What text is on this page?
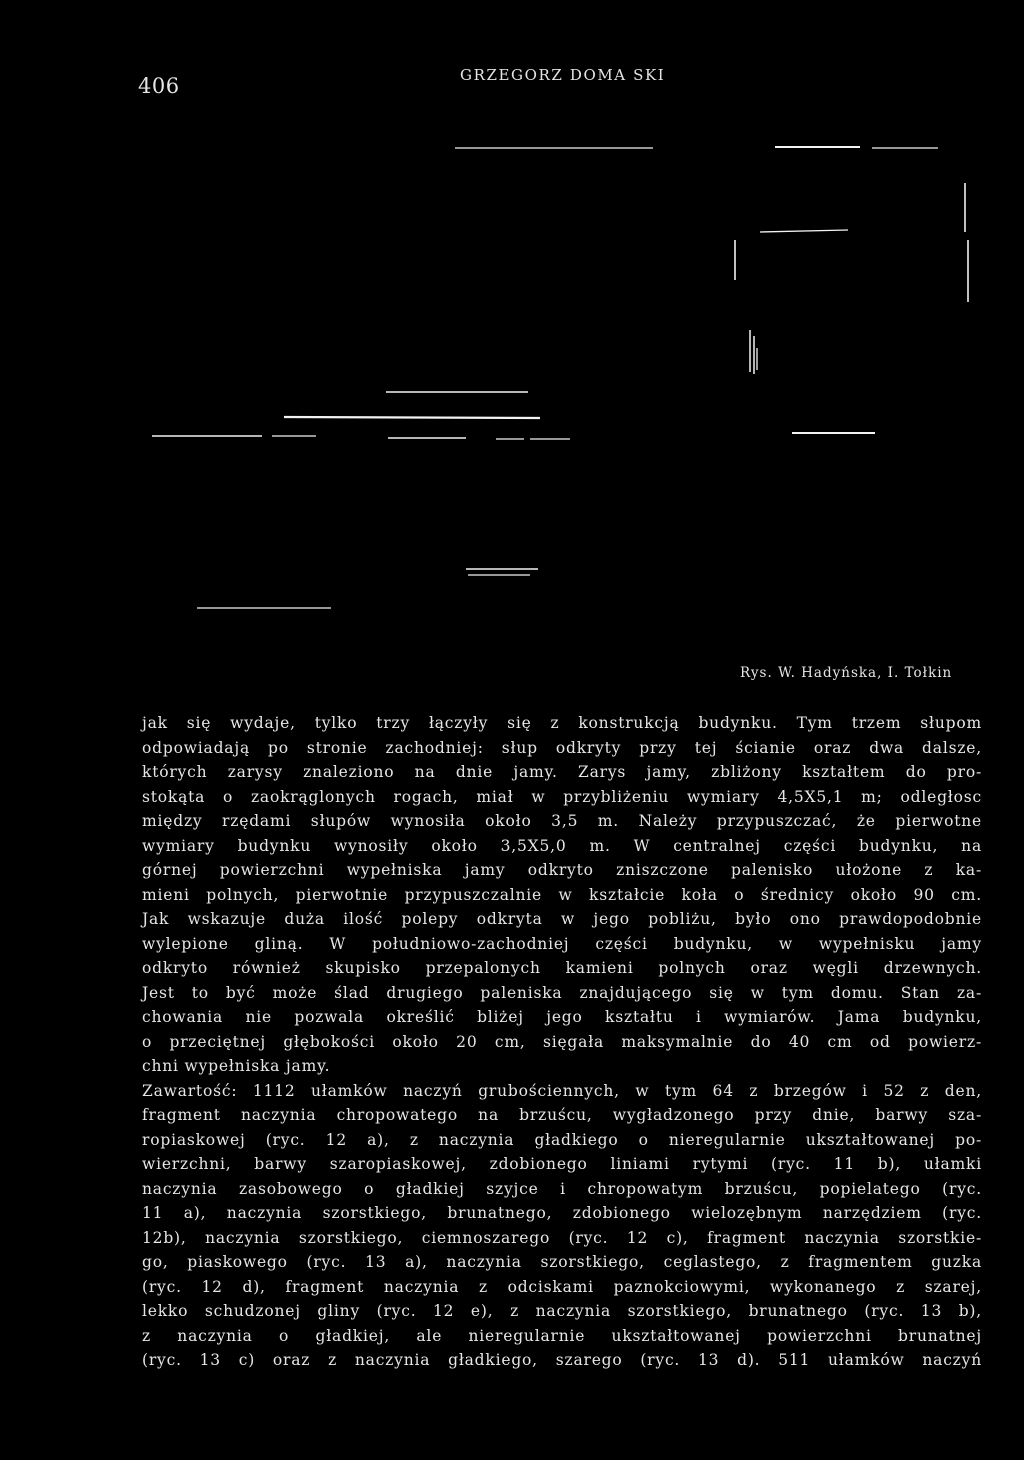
406	GRZEGORZ DOMA SKI
Rys. W. Hadyńska, I. Tołkin
jak się wydaje, tylko trzy łączyły się z konstrukcją budynku. Tym trzem słupom
odpowiadają po stronie zachodniej: słup odkryty przy tej ścianie oraz dwa dalsze,
których zarysy znaleziono na dnie jamy. Zarys jamy, zbliżony kształtem do pro-
stokąta o zaokrąglonych rogach, miał w przybliżeniu wymiary 4,5X5,1 m; odległosc
między rzędami słupów wynosiła około 3,5 m. Należy przypuszczać, że pierwotne
wymiary budynku wynosiły około 3,5X5,0 m. W centralnej części budynku, na
górnej powierzchni wypełniska jamy odkryto zniszczone palenisko ułożone z ka-
mieni polnych, pierwotnie przypuszczalnie w kształcie koła o średnicy około 90 cm.
Jak wskazuje duża ilość polepy odkryta w jego pobliżu, było ono prawdopodobnie
wylepione gliną. W południowo-zachodniej części budynku, w wypełnisku jamy
odkryto również skupisko przepalonych kamieni polnych oraz węgli drzewnych.
Jest to być może ślad drugiego paleniska znajdującego się w tym domu. Stan za-
chowania nie pozwala określić bliżej jego kształtu i wymiarów. Jama budynku,
o przeciętnej głębokości około 20 cm, sięgała maksymalnie do 40 cm od powierz-
chni wypełniska jamy.
Zawartość: 1112 ułamków naczyń grubościennych, w tym 64 z brzegów i 52 z den,
fragment naczynia chropowatego na brzuścu, wygładzonego przy dnie, barwy sza-
ropiaskowej (ryc. 12 a), z naczynia gładkiego o nieregularnie ukształtowanej po-
wierzchni, barwy szaropiaskowej, zdobionego liniami rytymi (ryc. 11 b), ułamki
naczynia zasobowego o gładkiej szyjce i chropowatym brzuścu, popielatego (ryc.
11 a), naczynia szorstkiego, brunatnego, zdobionego wielozębnym narzędziem (ryc.
12b), naczynia szorstkiego, ciemnoszarego (ryc. 12 c), fragment naczynia szorstkie-
go, piaskowego (ryc. 13 a), naczynia szorstkiego, ceglastego, z fragmentem guzka
(ryc. 12 d), fragment naczynia z odciskami paznokciowymi, wykonanego z szarej,
lekko schudzonej gliny (ryc. 12 e), z naczynia szorstkiego, brunatnego (ryc. 13 b),
z naczynia o gładkiej, ale nieregularnie ukształtowanej powierzchni brunatnej
(ryc. 13 c) oraz z naczynia gładkiego, szarego (ryc. 13 d). 511 ułamków naczyń
